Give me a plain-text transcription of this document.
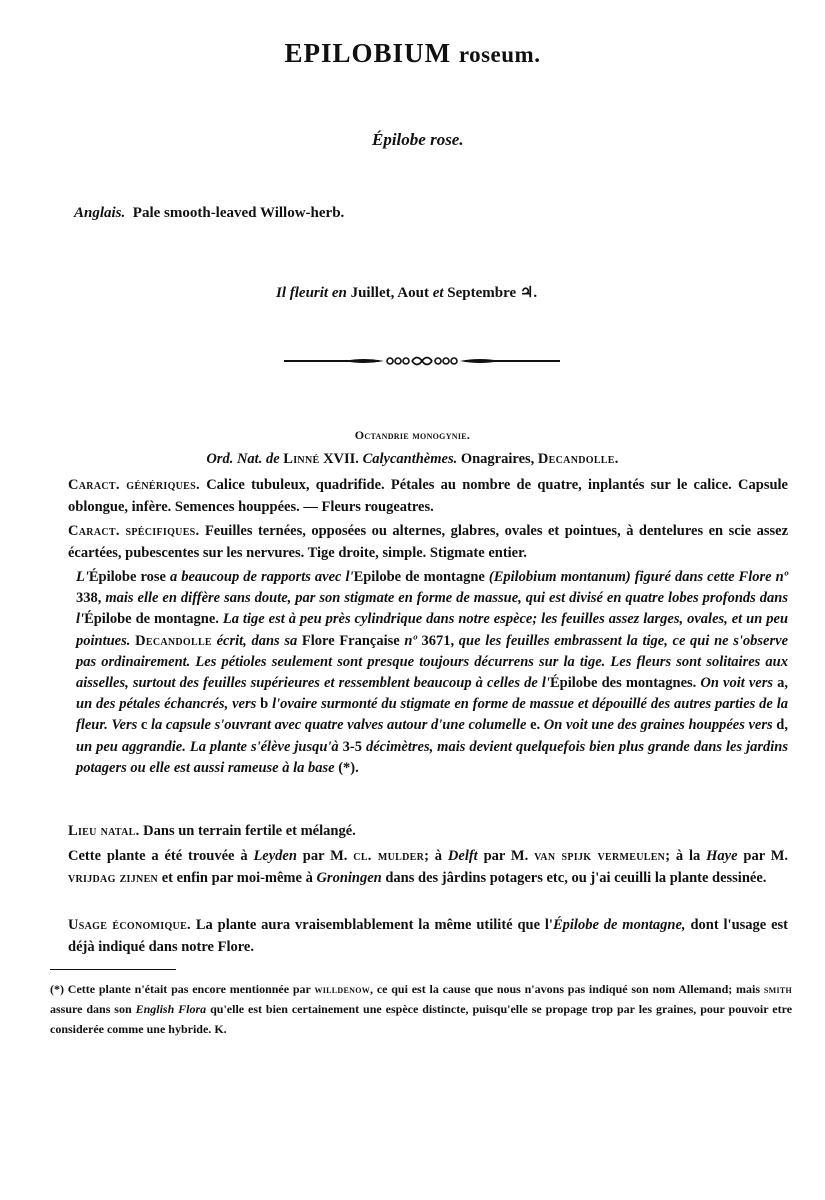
EPILOBIUM roseum.
Épilobe rose.
Anglais. Pale smooth-leaved Willow-herb.
Il fleurit en Juillet, Aout et Septembre ♃.
Octandrie monogynie.
Ord. Nat. de Linné XVII. Calycanthèmes. Onagraires, Decandolle.
Caract. génériques. Calice tubuleux, quadrifide. Pétales au nombre de quatre, inplantés sur le calice. Capsule oblongue, infère. Semences houppées. — Fleurs rougeatres.
Caract. spécifiques. Feuilles ternées, opposées ou alternes, glabres, ovales et pointues, à dentelures en scie assez écartées, pubescentes sur les nervures. Tige droite, simple. Stigmate entier.
L'Épilobe rose a beaucoup de rapports avec l'Epilobe de montagne (Epilobium montanum) figuré dans cette Flore nº 338, mais elle en diffère sans doute, par son stigmate en forme de massue, qui est divisé en quatre lobes profonds dans l'Épilobe de montagne. La tige est à peu près cylindrique dans notre espèce; les feuilles assez larges, ovales, et un peu pointues. Decandolle écrit, dans sa Flore Française nº 3671, que les feuilles embrassent la tige, ce qui ne s'observe pas ordinairement. Les pétioles seulement sont presque toujours décurrens sur la tige. Les fleurs sont solitaires aux aisselles, surtout des feuilles supérieures et ressemblent beaucoup à celles de l'Épilobe des montagnes. On voit vers a, un des pétales échancrés, vers b l'ovaire surmonté du stigmate en forme de massue et dépouillé des autres parties de la fleur. Vers c la capsule s'ouvrant avec quatre valves autour d'une columelle e. On voit une des graines houppées vers d, un peu aggrandie. La plante s'élève jusqu'à 3-5 décimètres, mais devient quelquefois bien plus grande dans les jardins potagers ou elle est aussi rameuse à la base (*).
Lieu natal. Dans un terrain fertile et mélangé.
Cette plante a été trouvée à Leyden par M. cl. mulder; à Delft par M. van spijk vermeulen; à la Haye par M. vrijdag zijnen et enfin par moi-même à Groningen dans des jârdins potagers etc, ou j'ai ceuilli la plante dessinée.
Usage économique. La plante aura vraisemblablement la même utilité que l'Épilobe de montagne, dont l'usage est déjà indiqué dans notre Flore.
(*) Cette plante n'était pas encore mentionnée par willdenow, ce qui est la cause que nous n'avons pas indiqué son nom Allemand; mais smith assure dans son English Flora qu'elle est bien certainement une espèce distincte, puisqu'elle se propage trop par les graines, pour pouvoir etre considerée comme une hybride. K.
